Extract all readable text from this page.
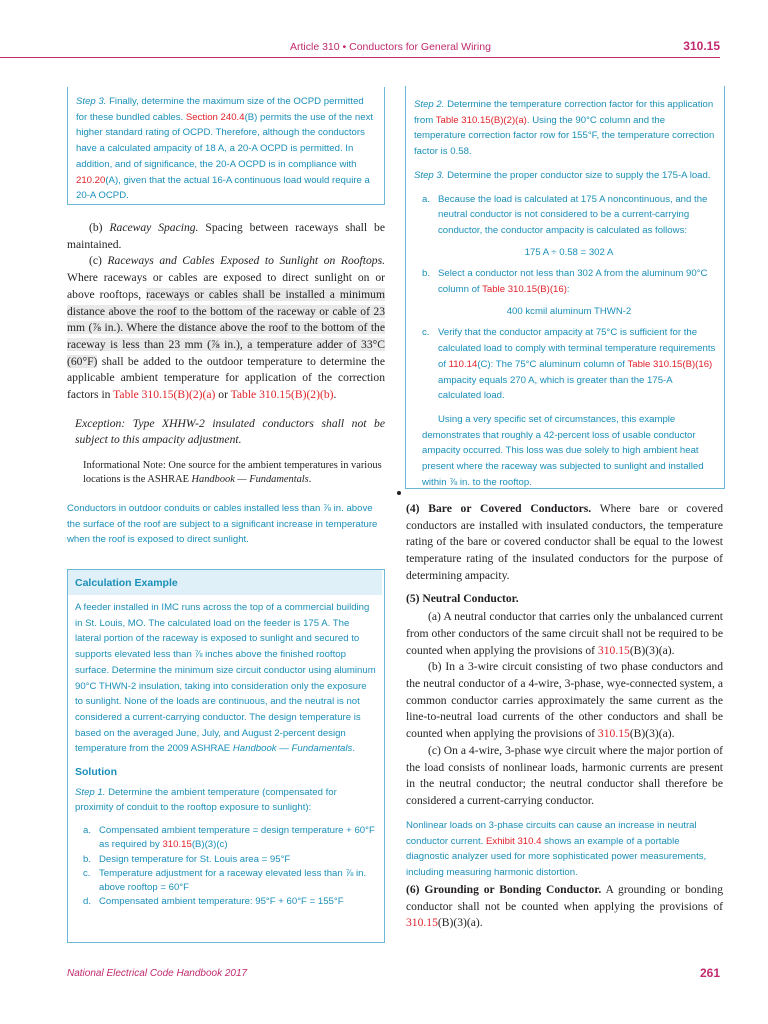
Article 310 • Conductors for General Wiring	310.15
Step 3. Finally, determine the maximum size of the OCPD permitted for these bundled cables. Section 240.4(B) permits the use of the next higher standard rating of OCPD. Therefore, although the conductors have a calculated ampacity of 18 A, a 20-A OCPD is permitted. In addition, and of significance, the 20-A OCPD is in compliance with 210.20(A), given that the actual 16-A continuous load would require a 20-A OCPD.

(b) Raceway Spacing. Spacing between raceways shall be maintained.

(c) Raceways and Cables Exposed to Sunlight on Rooftops. Where raceways or cables are exposed to direct sunlight on or above rooftops, raceways or cables shall be installed a minimum distance above the roof to the bottom of the raceway or cable of 23 mm (⅞ in.). Where the distance above the roof to the bottom of the raceway is less than 23 mm (⅞ in.), a temperature adder of 33°C (60°F) shall be added to the outdoor temperature to determine the applicable ambient temperature for application of the correction factors in Table 310.15(B)(2)(a) or Table 310.15(B)(2)(b).

Exception: Type XHHW-2 insulated conductors shall not be subject to this ampacity adjustment.

Informational Note: One source for the ambient temperatures in various locations is the ASHRAE Handbook — Fundamentals.

Conductors in outdoor conduits or cables installed less than ⅞ in. above the surface of the roof are subject to a significant increase in temperature when the roof is exposed to direct sunlight.
Calculation Example
A feeder installed in IMC runs across the top of a commercial building in St. Louis, MO. The calculated load on the feeder is 175 A. The lateral portion of the raceway is exposed to sunlight and secured to supports elevated less than ⅞ inches above the finished rooftop surface. Determine the minimum size circuit conductor using aluminum 90°C THWN-2 insulation, taking into consideration only the exposure to sunlight. None of the loads are continuous, and the neutral is not considered a current-carrying conductor. The design temperature is based on the averaged June, July, and August 2-percent design temperature from the 2009 ASHRAE Handbook — Fundamentals.
Solution
Step 1. Determine the ambient temperature (compensated for proximity of conduit to the rooftop exposure to sunlight):
a. Compensated ambient temperature = design temperature + 60°F as required by 310.15(B)(3)(c)
b. Design temperature for St. Louis area = 95°F
c. Temperature adjustment for a raceway elevated less than ⅞ in. above rooftop = 60°F
d. Compensated ambient temperature: 95°F + 60°F = 155°F
Step 2. Determine the temperature correction factor for this application from Table 310.15(B)(2)(a). Using the 90°C column and the temperature correction factor row for 155°F, the temperature correction factor is 0.58.
Step 3. Determine the proper conductor size to supply the 175-A load.
a. Because the load is calculated at 175 A noncontinuous, and the neutral conductor is not considered to be a current-carrying conductor, the conductor ampacity is calculated as follows:
175 A ÷ 0.58 = 302 A
b. Select a conductor not less than 302 A from the aluminum 90°C column of Table 310.15(B)(16):
400 kcmil aluminum THWN-2
c. Verify that the conductor ampacity at 75°C is sufficient for the calculated load to comply with terminal temperature requirements of 110.14(C): The 75°C aluminum column of Table 310.15(B)(16) ampacity equals 270 A, which is greater than the 175-A calculated load.
Using a very specific set of circumstances, this example demonstrates that roughly a 42-percent loss of usable conductor ampacity occurred. This loss was due solely to high ambient heat present where the raceway was subjected to sunlight and installed within ⅞ in. to the rooftop.

(4) Bare or Covered Conductors. Where bare or covered conductors are installed with insulated conductors, the temperature rating of the bare or covered conductor shall be equal to the lowest temperature rating of the insulated conductors for the purpose of determining ampacity.

(5) Neutral Conductor.

(a) A neutral conductor that carries only the unbalanced current from other conductors of the same circuit shall not be required to be counted when applying the provisions of 310.15(B)(3)(a).

(b) In a 3-wire circuit consisting of two phase conductors and the neutral conductor of a 4-wire, 3-phase, wye-connected system, a common conductor carries approximately the same current as the line-to-neutral load currents of the other conductors and shall be counted when applying the provisions of 310.15(B)(3)(a).

(c) On a 4-wire, 3-phase wye circuit where the major portion of the load consists of nonlinear loads, harmonic currents are present in the neutral conductor; the neutral conductor shall therefore be considered a current-carrying conductor.

Nonlinear loads on 3-phase circuits can cause an increase in neutral conductor current. Exhibit 310.4 shows an example of a portable diagnostic analyzer used for more sophisticated power measurements, including measuring harmonic distortion.
(6) Grounding or Bonding Conductor. A grounding or bonding conductor shall not be counted when applying the provisions of 310.15(B)(3)(a).
National Electrical Code Handbook 2017	261
